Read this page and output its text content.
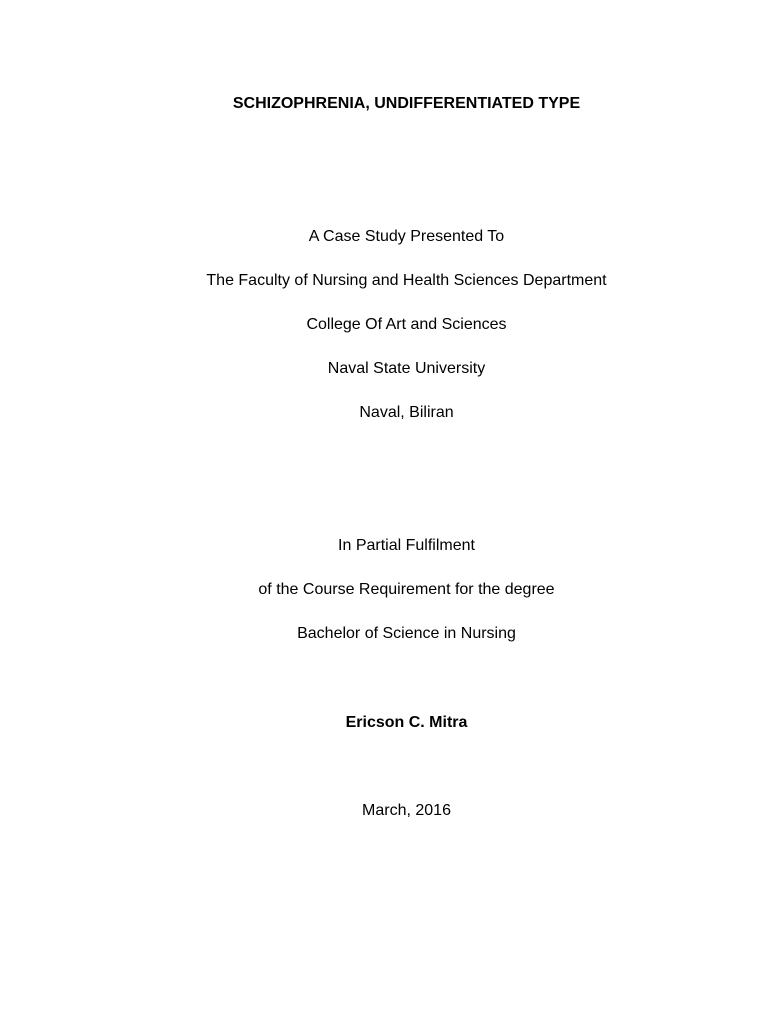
SCHIZOPHRENIA, UNDIFFERENTIATED TYPE
A Case Study Presented To
The Faculty of Nursing and Health Sciences Department
College Of Art and Sciences
Naval State University
Naval, Biliran
In Partial Fulfilment
of the Course Requirement for the degree
Bachelor of Science in Nursing
Ericson C. Mitra
March, 2016
